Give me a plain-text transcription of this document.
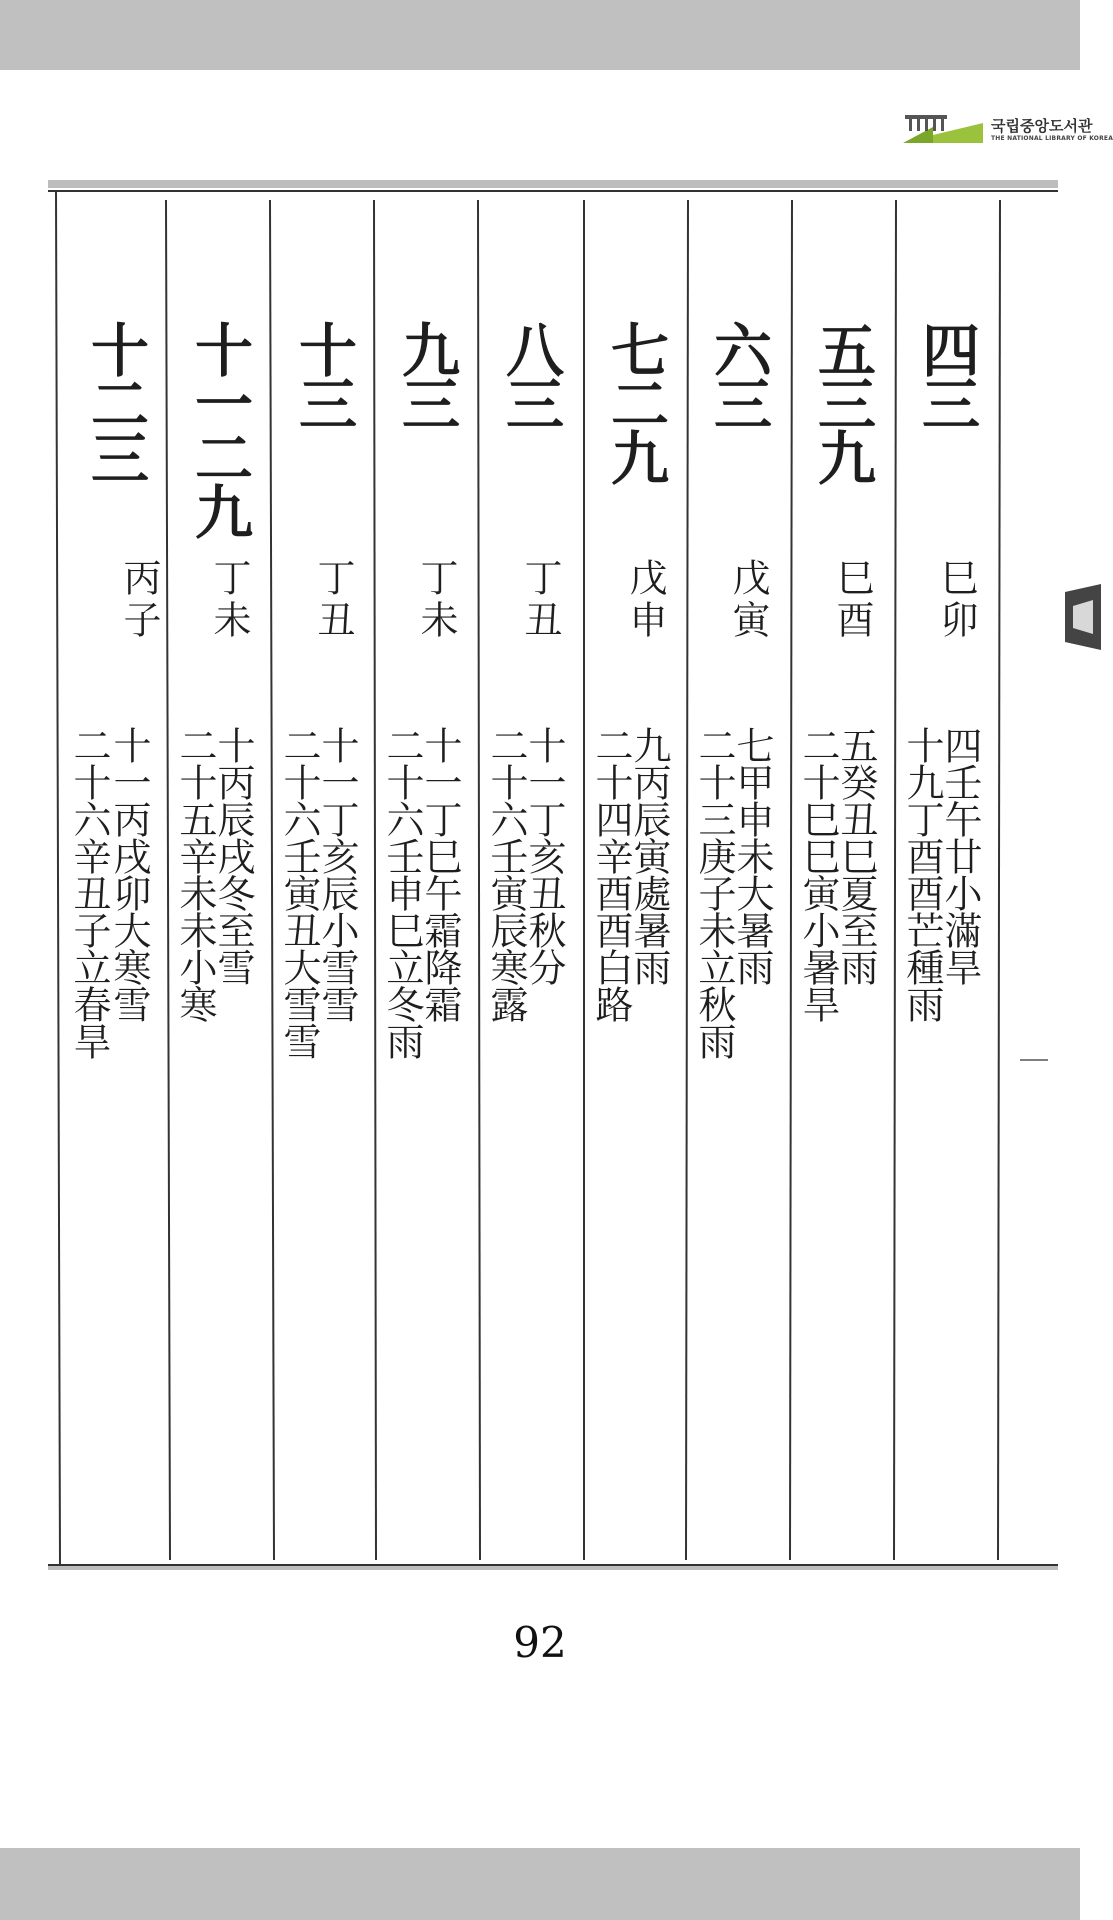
국립중앙도서관
THE NATIONAL LIBRARY OF KOREA
四三
巳卯
四壬午廿小滿旱
十九丁酉酉芒種雨
五三九
巳酉
五癸丑巳夏至雨
二十巳巳寅小暑旱
六三
戊寅
七甲申未大暑雨
二十三庚子未立秋雨
七二九
戊申
九丙辰寅處暑雨
二十四辛酉酉白路
八三
丁丑
十一丁亥丑秋分
二十六壬寅辰寒露
九三
丁未
十一丁巳午霜降霜
二十六壬申巳立冬雨
十三
丁丑
十一丁亥辰小雪雪
二十六壬寅丑大雪雪
十一二九
丁未
十丙辰戌冬至雪
二十五辛未未小寒
十二三
丙子
十一丙戌卯大寒雪
二十六辛丑子立春旱
92
